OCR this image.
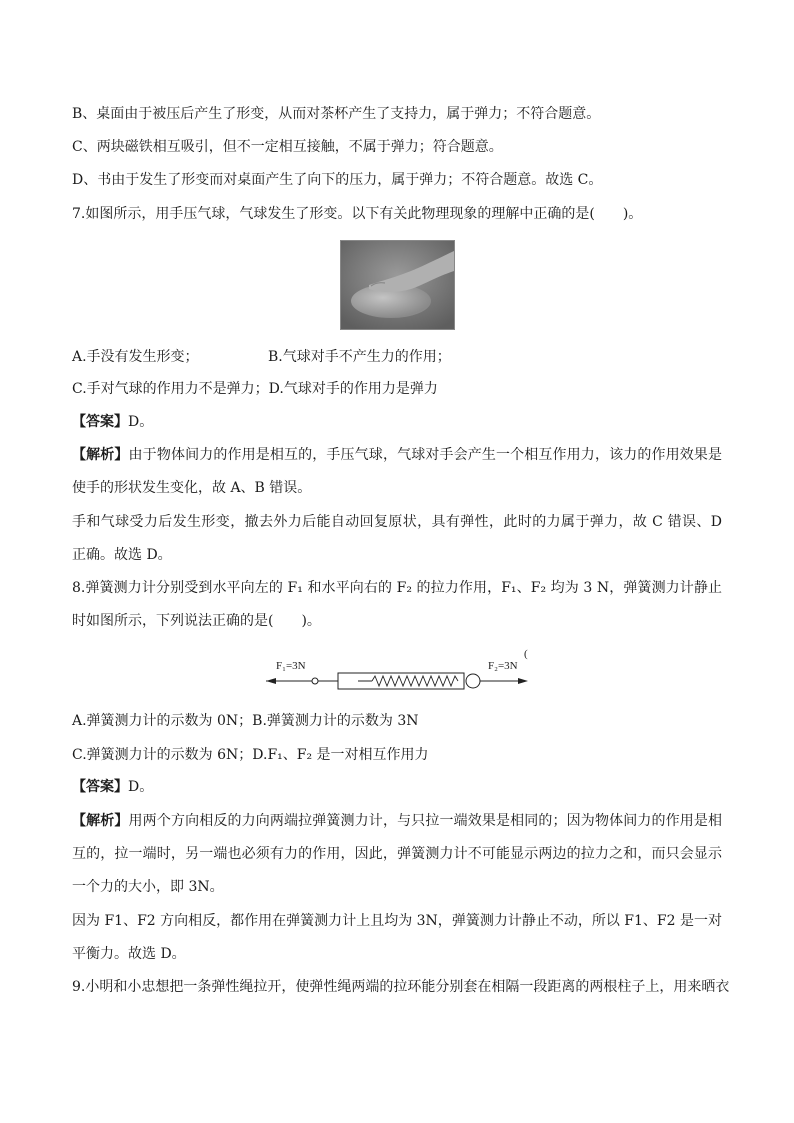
B、桌面由于被压后产生了形变，从而对茶杯产生了支持力，属于弹力；不符合题意。
C、两块磁铁相互吸引，但不一定相互接触，不属于弹力；符合题意。
D、书由于发生了形变而对桌面产生了向下的压力，属于弹力；不符合题意。故选 C。
7.如图所示，用手压气球，气球发生了形变。以下有关此物理现象的理解中正确的是(　　)。
A.手没有发生形变；	B.气球对手不产生力的作用；
C.手对气球的作用力不是弹力；D.气球对手的作用力是弹力
【答案】D。
【解析】由于物体间力的作用是相互的，手压气球，气球对手会产生一个相互作用力，该力的作用效果是使手的形状发生变化，故 A、B 错误。
手和气球受力后发生形变，撤去外力后能自动回复原状，具有弹性，此时的力属于弹力，故 C 错误、D 正确。故选 D。
8.弹簧测力计分别受到水平向左的 F₁ 和水平向右的 F₂ 的拉力作用，F₁、F₂ 均为 3 N，弹簧测力计静止时如图所示，下列说法正确的是(　　)。
F₁=3N	F₂=3N
(
A.弹簧测力计的示数为 0N；B.弹簧测力计的示数为 3N
C.弹簧测力计的示数为 6N；D.F₁、F₂ 是一对相互作用力
【答案】D。
【解析】用两个方向相反的力向两端拉弹簧测力计，与只拉一端效果是相同的；因为物体间力的作用是相互的，拉一端时，另一端也必须有力的作用，因此，弹簧测力计不可能显示两边的拉力之和，而只会显示一个力的大小，即 3N。
因为 F1、F2 方向相反，都作用在弹簧测力计上且均为 3N，弹簧测力计静止不动，所以 F1、F2 是一对平衡力。故选 D。
9.小明和小忠想把一条弹性绳拉开，使弹性绳两端的拉环能分别套在相隔一段距离的两根柱子上，用来晒衣
